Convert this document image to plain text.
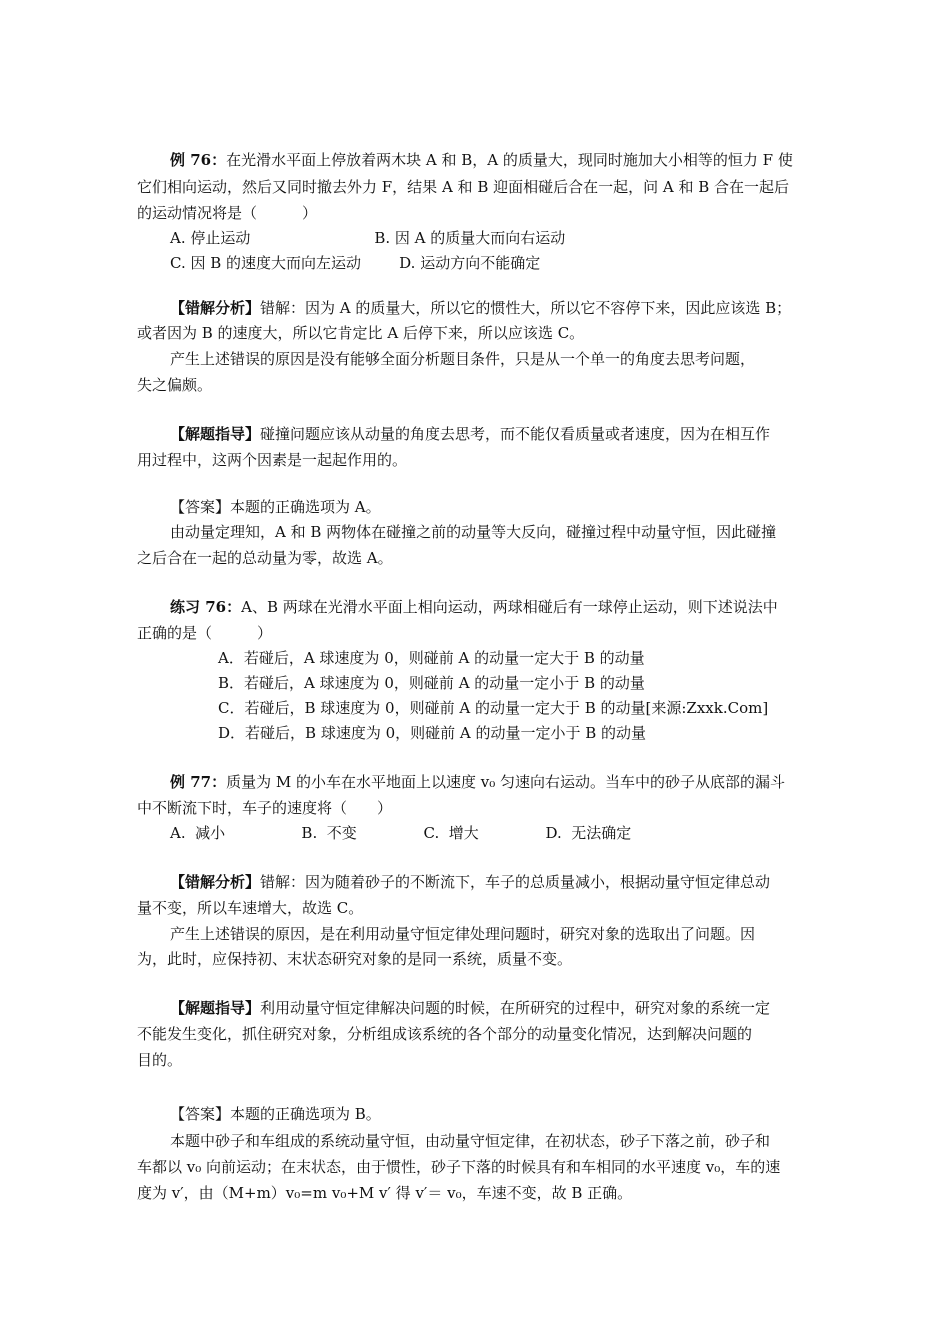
例 76：在光滑水平面上停放着两木块 A 和 B，A 的质量大，现同时施加大小相等的恒力 F 使

它们相向运动，然后又同时撤去外力 F，结果 A 和 B 迎面相碰后合在一起，问 A 和 B 合在一起后

的运动情况将是（　　　）

A. 停止运动                          B. 因 A 的质量大而向右运动

C. 因 B 的速度大而向左运动        D. 运动方向不能确定

【错解分析】错解：因为 A 的质量大，所以它的惯性大，所以它不容停下来，因此应该选 B；

或者因为 B 的速度大，所以它肯定比 A 后停下来，所以应该选 C。

产生上述错误的原因是没有能够全面分析题目条件，只是从一个单一的角度去思考问题，

失之偏颇。

【解题指导】碰撞问题应该从动量的角度去思考，而不能仅看质量或者速度，因为在相互作

用过程中，这两个因素是一起起作用的。

【答案】本题的正确选项为 A。

由动量定理知，A 和 B 两物体在碰撞之前的动量等大反向，碰撞过程中动量守恒，因此碰撞

之后合在一起的总动量为零，故选 A。

练习 76：A、B 两球在光滑水平面上相向运动，两球相碰后有一球停止运动，则下述说法中

正确的是（　　　）

A．若碰后，A 球速度为 0，则碰前 A 的动量一定大于 B 的动量

B．若碰后，A 球速度为 0，则碰前 A 的动量一定小于 B 的动量

C．若碰后，B 球速度为 0，则碰前 A 的动量一定大于 B 的动量[来源:Zxxk.Com]

D．若碰后，B 球速度为 0，则碰前 A 的动量一定小于 B 的动量

例 77：质量为 M 的小车在水平地面上以速度 v₀ 匀速向右运动。当车中的砂子从底部的漏斗

中不断流下时，车子的速度将（　　）

A.  减小                B.  不变              C.  增大              D.  无法确定

【错解分析】错解：因为随着砂子的不断流下，车子的总质量减小，根据动量守恒定律总动

量不变，所以车速增大，故选 C。

产生上述错误的原因，是在利用动量守恒定律处理问题时，研究对象的选取出了问题。因

为，此时，应保持初、末状态研究对象的是同一系统，质量不变。

【解题指导】利用动量守恒定律解决问题的时候，在所研究的过程中，研究对象的系统一定

不能发生变化，抓住研究对象，分析组成该系统的各个部分的动量变化情况，达到解决问题的

目的。

【答案】本题的正确选项为 B。

本题中砂子和车组成的系统动量守恒，由动量守恒定律，在初状态，砂子下落之前，砂子和

车都以 v₀ 向前运动；在末状态，由于惯性，砂子下落的时候具有和车相同的水平速度 v₀，车的速

度为 v′，由（M+m）v₀=m v₀+M v′ 得 v′＝ v₀，车速不变，故 B 正确。
